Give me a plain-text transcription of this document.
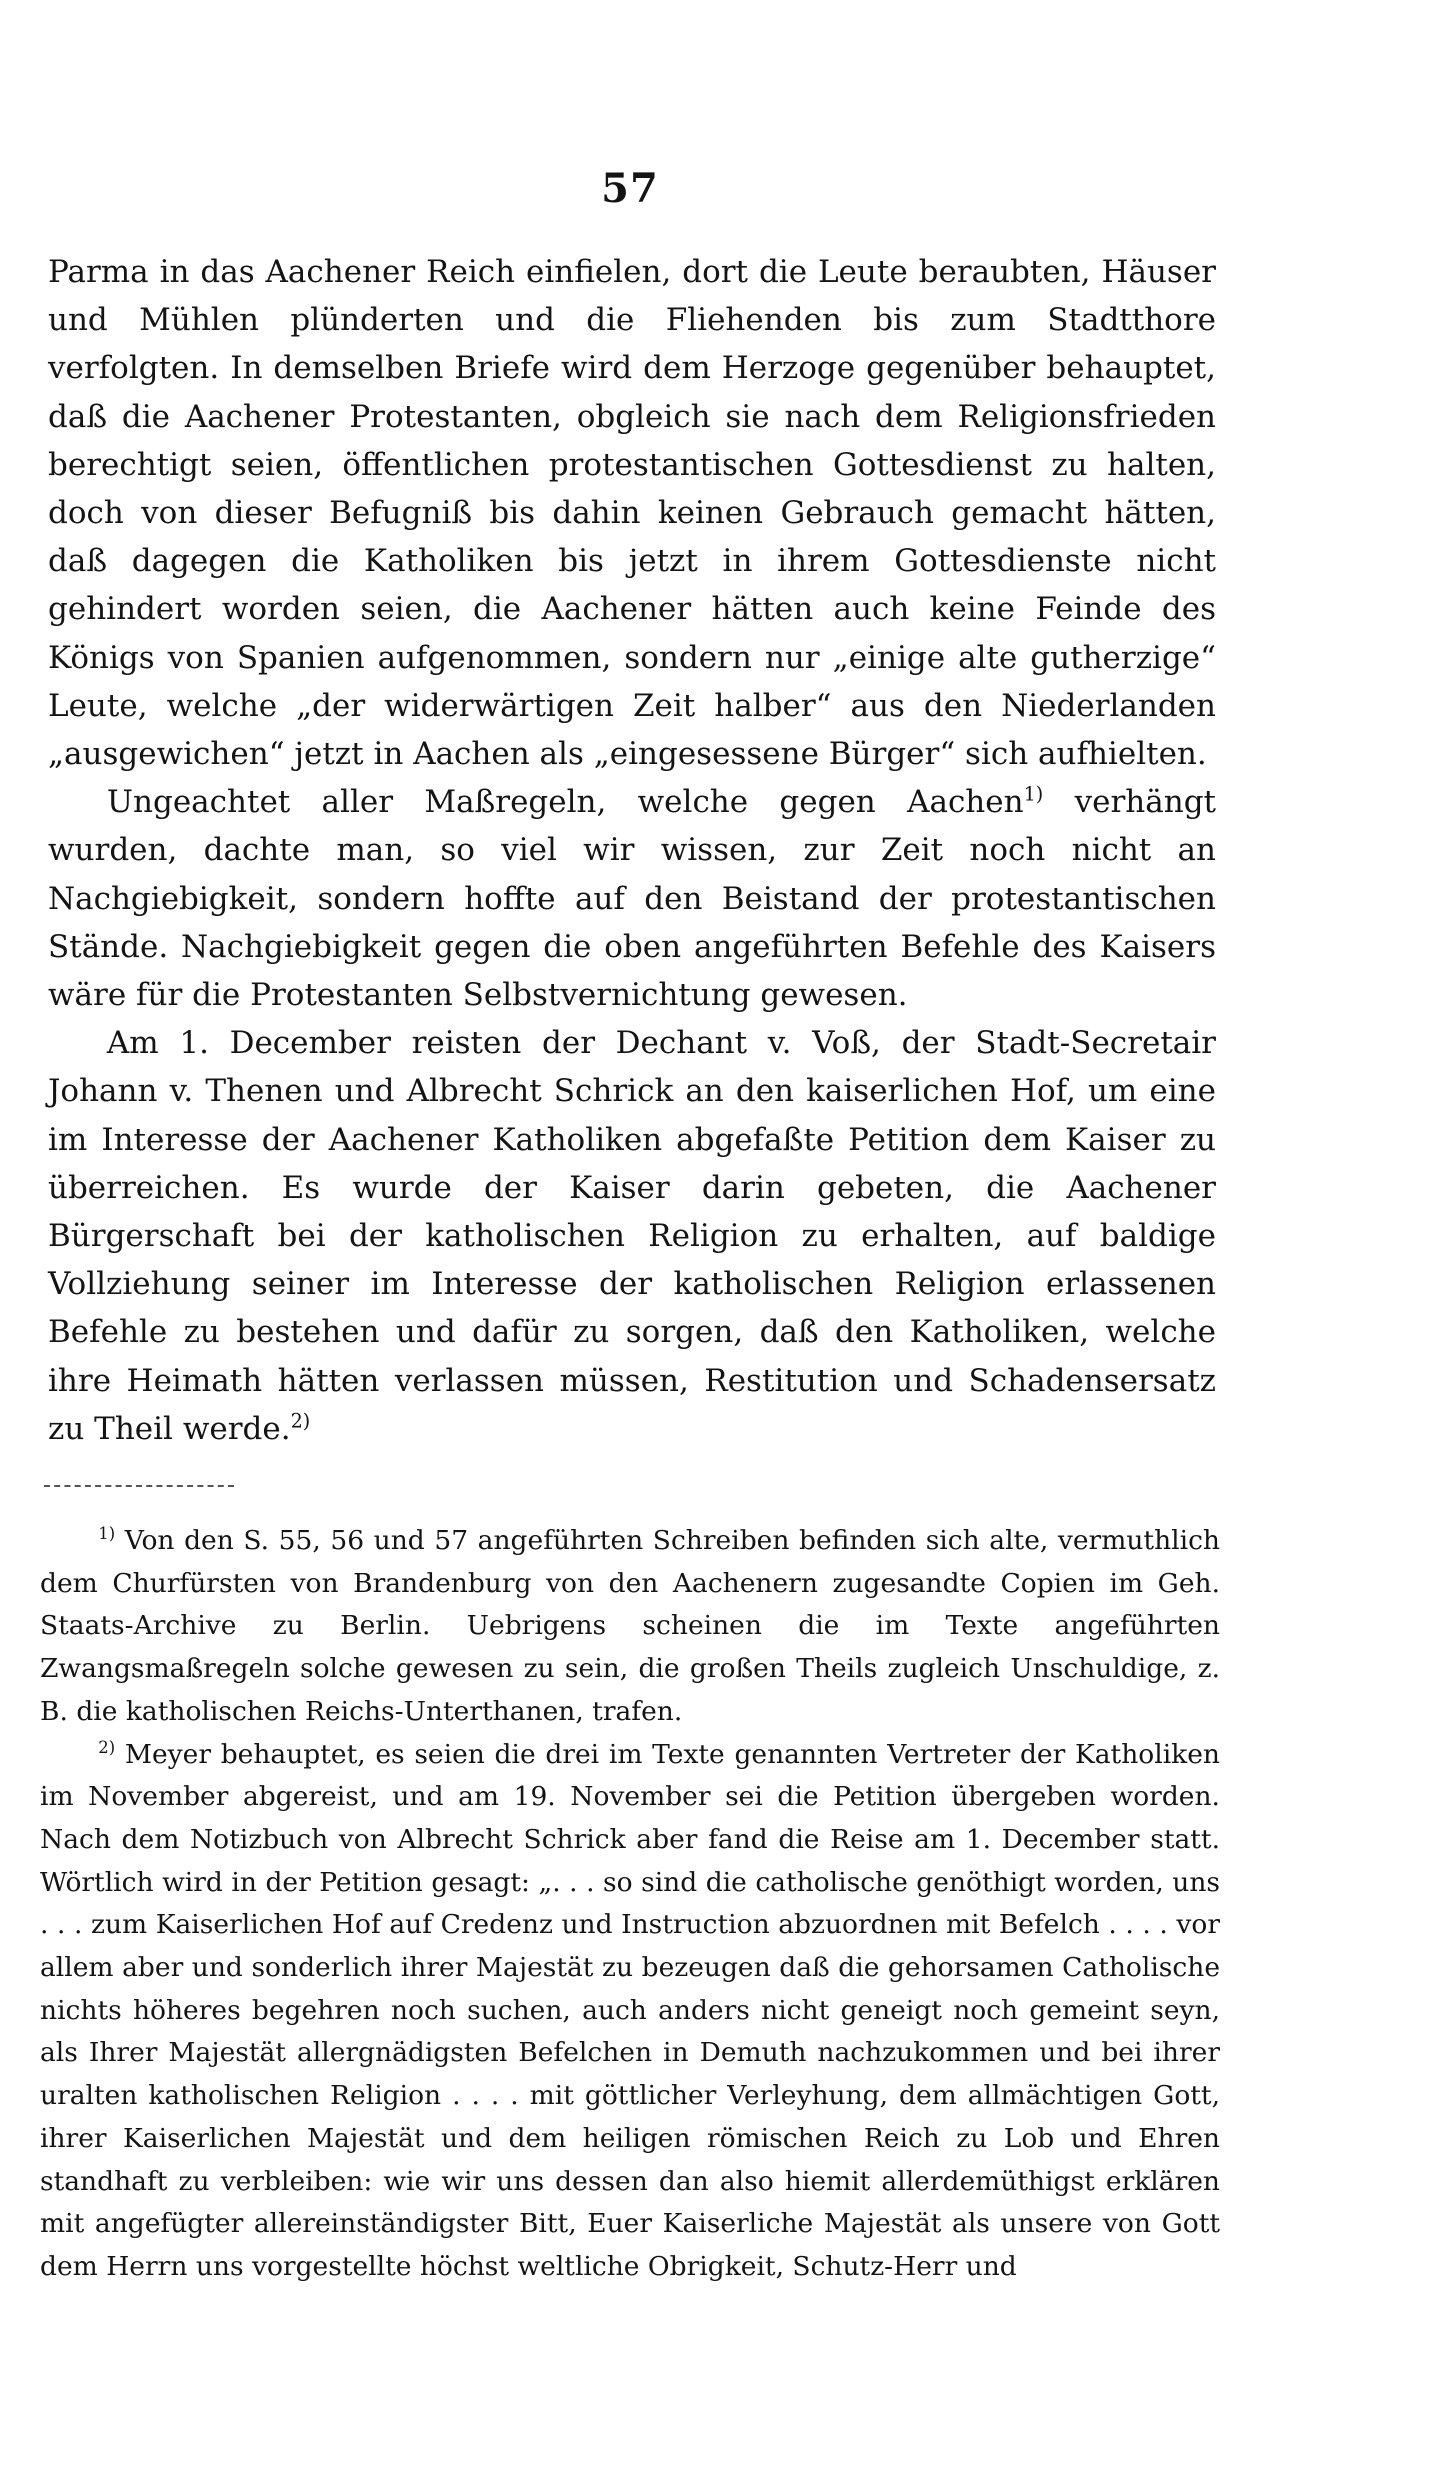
57

Parma in das Aachener Reich einfielen, dort die Leute beraubten, Häuser und Mühlen plünderten und die Fliehenden bis zum Stadtthore verfolgten. In demselben Briefe wird dem Herzoge gegenüber behauptet, daß die Aachener Protestanten, obgleich sie nach dem Religionsfrieden berechtigt seien, öffentlichen protestantischen Gottesdienst zu halten, doch von dieser Befugniß bis dahin keinen Gebrauch gemacht hätten, daß dagegen die Katholiken bis jetzt in ihrem Gottesdienste nicht gehindert worden seien, die Aachener hätten auch keine Feinde des Königs von Spanien aufgenommen, sondern nur „einige alte gutherzige“ Leute, welche „der widerwärtigen Zeit halber“ aus den Niederlanden „ausgewichen“ jetzt in Aachen als „eingesessene Bürger“ sich aufhielten.

Ungeachtet aller Maßregeln, welche gegen Aachen$^{1)}$ verhängt wurden, dachte man, so viel wir wissen, zur Zeit noch nicht an Nachgiebigkeit, sondern hoffte auf den Beistand der protestantischen Stände. Nachgiebigkeit gegen die oben angeführten Befehle des Kaisers wäre für die Protestanten Selbstvernichtung gewesen.

Am 1. December reisten der Dechant v. Voß, der Stadt-Secretair Johann v. Thenen und Albrecht Schrick an den kaiserlichen Hof, um eine im Interesse der Aachener Katholiken abgefaßte Petition dem Kaiser zu überreichen. Es wurde der Kaiser darin gebeten, die Aachener Bürgerschaft bei der katholischen Religion zu erhalten, auf baldige Vollziehung seiner im Interesse der katholischen Religion erlassenen Befehle zu bestehen und dafür zu sorgen, daß den Katholiken, welche ihre Heimath hätten verlassen müssen, Restitution und Schadensersatz zu Theil werde.$^{2)}$

$^{1)}$ Von den S. 55, 56 und 57 angeführten Schreiben befinden sich alte, vermuthlich dem Churfürsten von Brandenburg von den Aachenern zugesandte Copien im Geh. Staats-Archive zu Berlin. Uebrigens scheinen die im Texte angeführten Zwangsmaßregeln solche gewesen zu sein, die großen Theils zugleich Unschuldige, z. B. die katholischen Reichs-Unterthanen, trafen.

$^{2)}$ Meyer behauptet, es seien die drei im Texte genannten Vertreter der Katholiken im November abgereist, und am 19. November sei die Petition übergeben worden. Nach dem Notizbuch von Albrecht Schrick aber fand die Reise am 1. December statt. Wörtlich wird in der Petition gesagt: „. . . so sind die catholische genöthigt worden, uns . . . zum Kaiserlichen Hof auf Credenz und Instruction abzuordnen mit Befelch . . . . vor allem aber und sonderlich ihrer Majestät zu bezeugen daß die gehorsamen Catholische nichts höheres begehren noch suchen, auch anders nicht geneigt noch gemeint seyn, als Ihrer Majestät allergnädigsten Befelchen in Demuth nachzukommen und bei ihrer uralten katholischen Religion . . . . mit göttlicher Verleyhung, dem allmächtigen Gott, ihrer Kaiserlichen Majestät und dem heiligen römischen Reich zu Lob und Ehren standhaft zu verbleiben: wie wir uns dessen dan also hiemit allerdemüthigst erklären mit angefügter allereinständigster Bitt, Euer Kaiserliche Majestät als unsere von Gott dem Herrn uns vorgestellte höchst weltliche Obrigkeit, Schutz-Herr und
